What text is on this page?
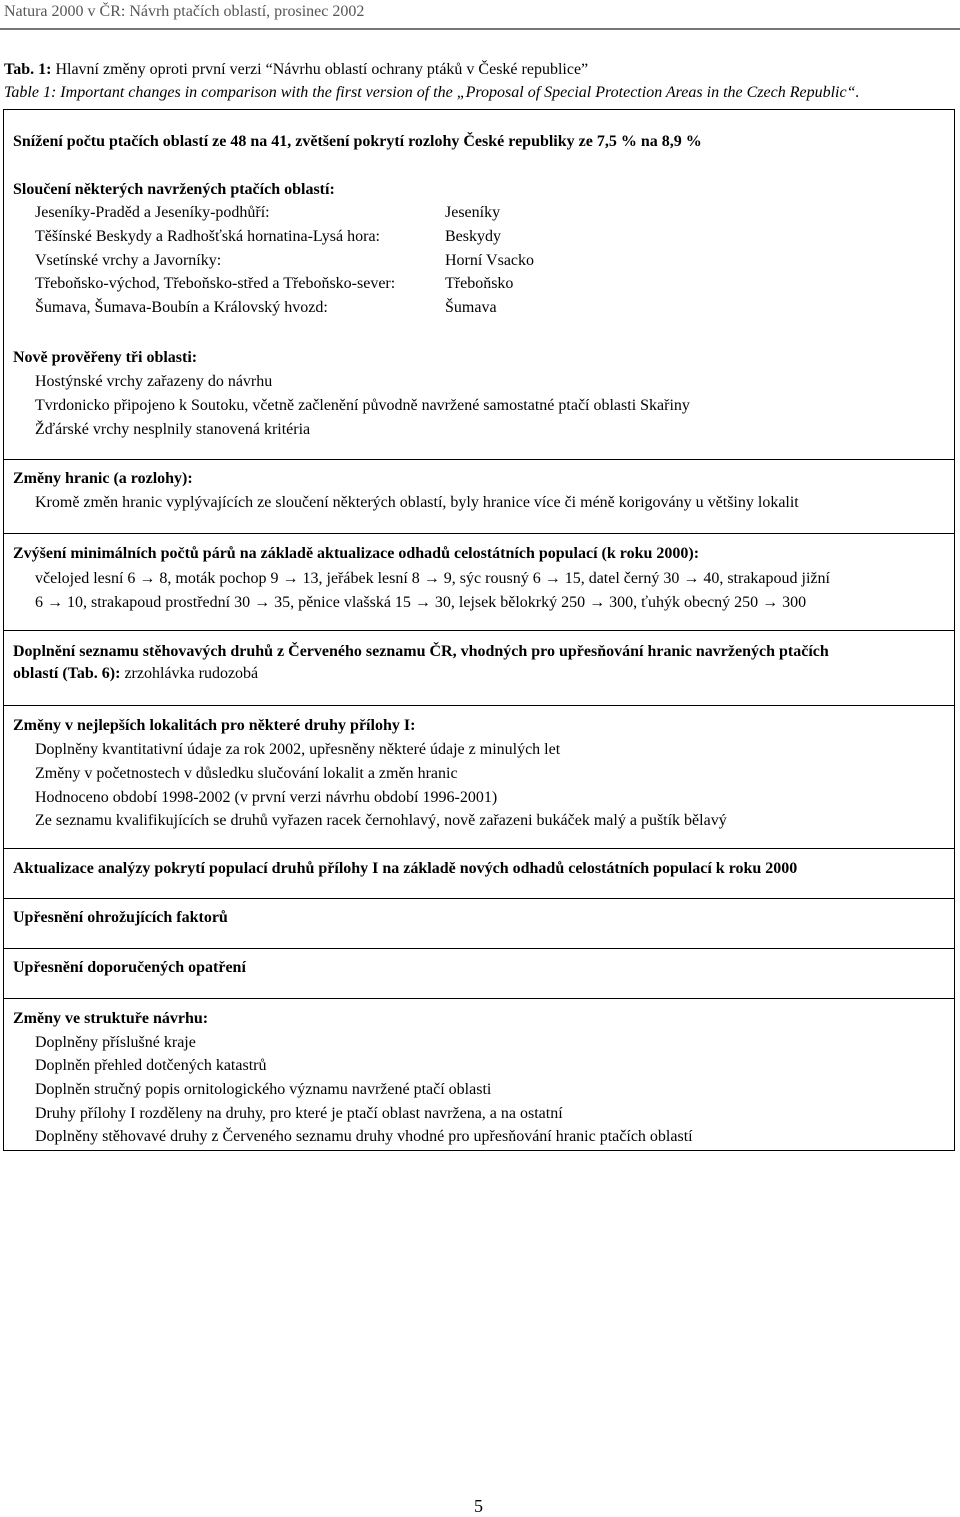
Natura 2000 v ČR: Návrh ptačích oblastí, prosinec 2002
Tab. 1: Hlavní změny oproti první verzi “Návrhu oblastí ochrany ptáků v České republice”
Table 1: Important changes in comparison with the first version of the „Proposal of Special Protection Areas in the Czech Republic“.
Snížení počtu ptačích oblastí ze 48 na 41, zvětšení pokrytí rozlohy České republiky ze 7,5 % na 8,9 %
Sloučení některých navržených ptačích oblastí:
Jeseníky-Praděd a Jeseníky-podhůří:	Jeseníky
Těšínské Beskydy a Radhošťská hornatina-Lysá hora:	Beskydy
Vsetínské vrchy a Javorníky:	Horní Vsacko
Třeboňsko-východ, Třeboňsko-střed a Třeboňsko-sever:	Třeboňsko
Šumava, Šumava-Boubín a Královský hvozd:	Šumava
Nově prověřeny tři oblasti:
Hostýnské vrchy zařazeny do návrhu
Tvrdonicko připojeno k Soutoku, včetně začlenění původně navržené samostatné ptačí oblasti Skařiny
Žďárské vrchy nesplnily stanovená kritéria
Změny hranic (a rozlohy):
Kromě změn hranic vyplývajících ze sloučení některých oblastí, byly hranice více či méně korigovány u většiny lokalit
Zvýšení minimálních počtů párů na základě aktualizace odhadů celostátních populací (k roku 2000):
včelojed lesní 6 → 8, moták pochop 9 → 13, jeřábek lesní 8 → 9, sýc rousný 6 → 15, datel černý 30 → 40, strakapoud jižní
6 → 10, strakapoud prostřední 30 → 35, pěnice vlašská 15 → 30, lejsek bělokrký 250 → 300, ťuhýk obecný 250 → 300
Doplnění seznamu stěhovavých druhů z Červeného seznamu ČR, vhodných pro upřesňování hranic navržených ptačích
oblastí (Tab. 6): zrzohlávka rudozobá
Změny v nejlepších lokalitách pro některé druhy přílohy I:
Doplněny kvantitativní údaje za rok 2002, upřesněny některé údaje z minulých let
Změny v početnostech v důsledku slučování lokalit a změn hranic
Hodnoceno období 1998-2002 (v první verzi návrhu období 1996-2001)
Ze seznamu kvalifikujících se druhů vyřazen racek černohlavý, nově zařazeni bukáček malý a puštík bělavý
Aktualizace analýzy pokrytí populací druhů přílohy I na základě nových odhadů celostátních populací k roku 2000
Upřesnění ohrožujících faktorů
Upřesnění doporučených opatření
Změny ve struktuře návrhu:
Doplněny příslušné kraje
Doplněn přehled dotčených katastrů
Doplněn stručný popis ornitologického významu navržené ptačí oblasti
Druhy přílohy I rozděleny na druhy, pro které je ptačí oblast navržena, a na ostatní
Doplněny stěhovavé druhy z Červeného seznamu druhy vhodné pro upřesňování hranic ptačích oblastí
5
